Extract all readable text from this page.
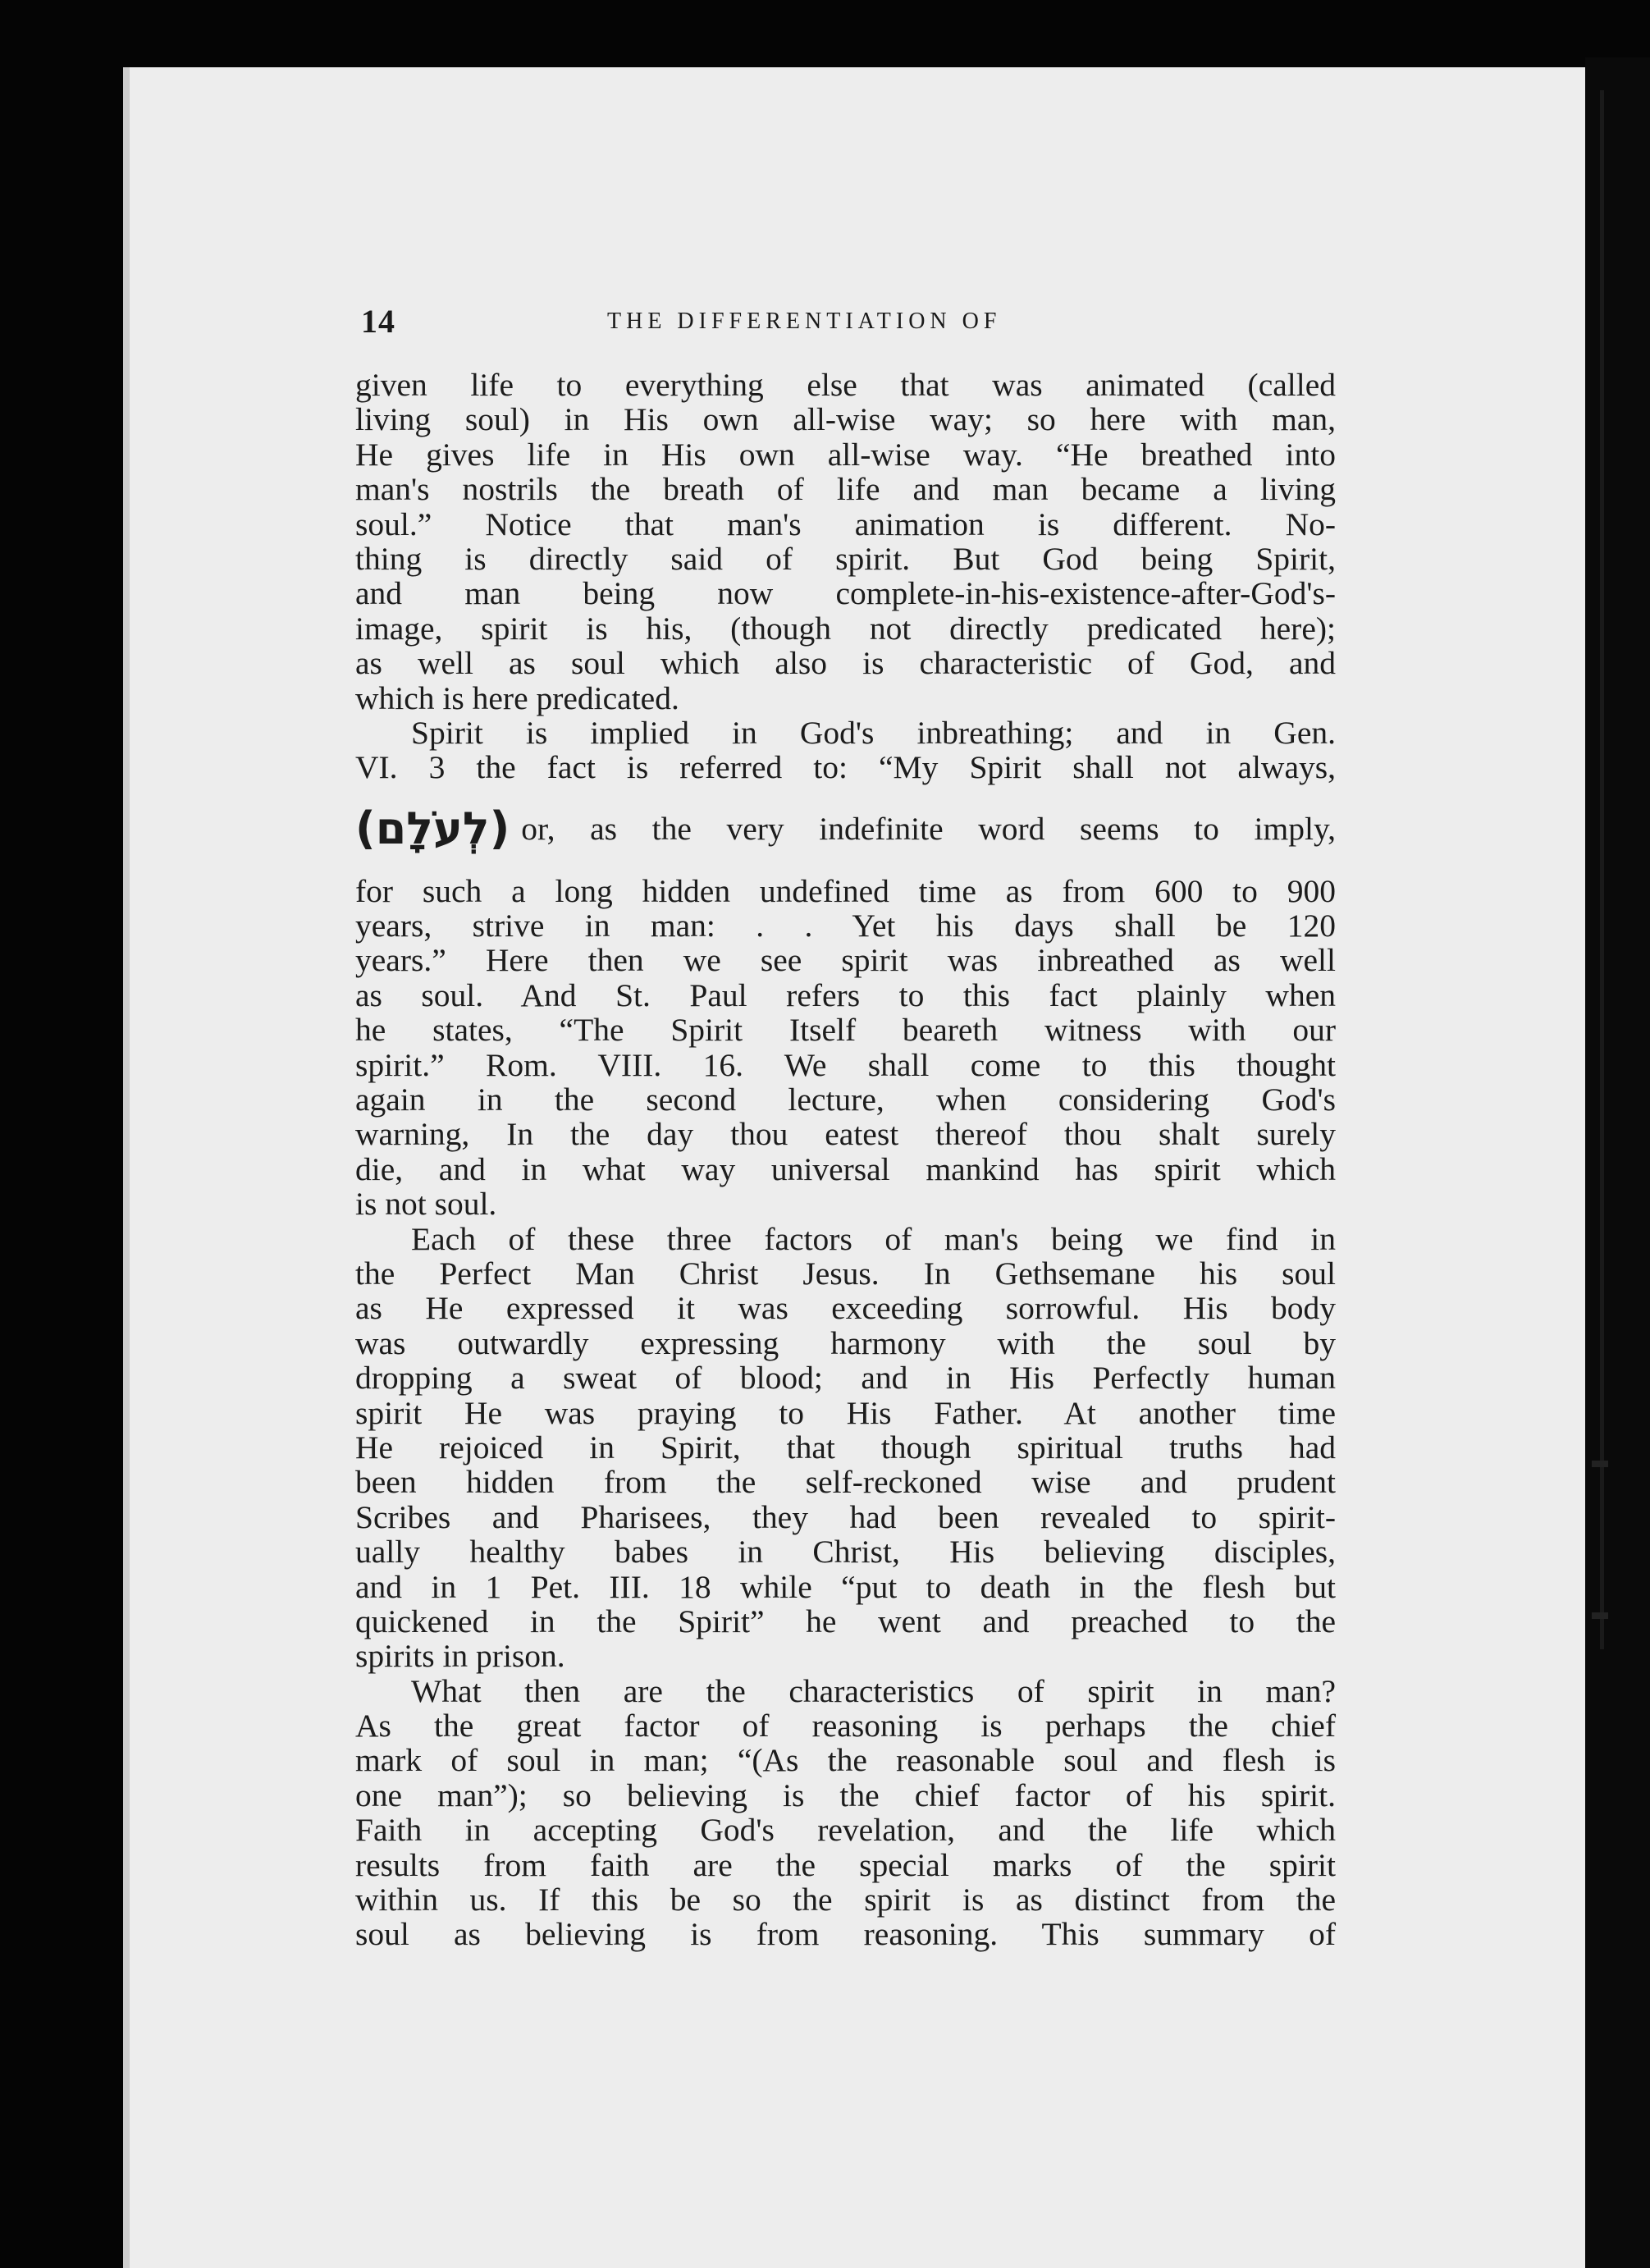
14	THE DIFFERENTIATION OF
given life to everything else that was animated (called
living soul) in His own all-wise way; so here with man,
He gives life in His own all-wise way. “He breathed into
man's nostrils the breath of life and man became a living
soul.” Notice that man's animation is different. No-
thing is directly said of spirit. But God being Spirit,
and man being now complete-in-his-existence-after-God's-
image, spirit is his, (though not directly predicated here);
as well as soul which also is characteristic of God, and
which is here predicated.
Spirit is implied in God's inbreathing; and in Gen.
VI. 3 the fact is referred to: “My Spirit shall not always,
(לְעֹלָם) or, as the very indefinite word seems to imply,
for such a long hidden undefined time as from 600 to 900
years, strive in man: . . Yet his days shall be 120
years.” Here then we see spirit was inbreathed as well
as soul. And St. Paul refers to this fact plainly when
he states, “The Spirit Itself beareth witness with our
spirit.” Rom. VIII. 16. We shall come to this thought
again in the second lecture, when considering God's
warning, In the day thou eatest thereof thou shalt surely
die, and in what way universal mankind has spirit which
is not soul.
Each of these three factors of man's being we find in
the Perfect Man Christ Jesus. In Gethsemane his soul
as He expressed it was exceeding sorrowful. His body
was outwardly expressing harmony with the soul by
dropping a sweat of blood; and in His Perfectly human
spirit He was praying to His Father. At another time
He rejoiced in Spirit, that though spiritual truths had
been hidden from the self-reckoned wise and prudent
Scribes and Pharisees, they had been revealed to spirit-
ually healthy babes in Christ, His believing disciples,
and in 1 Pet. III. 18 while “put to death in the flesh but
quickened in the Spirit” he went and preached to the
spirits in prison.
What then are the characteristics of spirit in man?
As the great factor of reasoning is perhaps the chief
mark of soul in man; “(As the reasonable soul and flesh is
one man”); so believing is the chief factor of his spirit.
Faith in accepting God's revelation, and the life which
results from faith are the special marks of the spirit
within us. If this be so the spirit is as distinct from the
soul as believing is from reasoning. This summary of
